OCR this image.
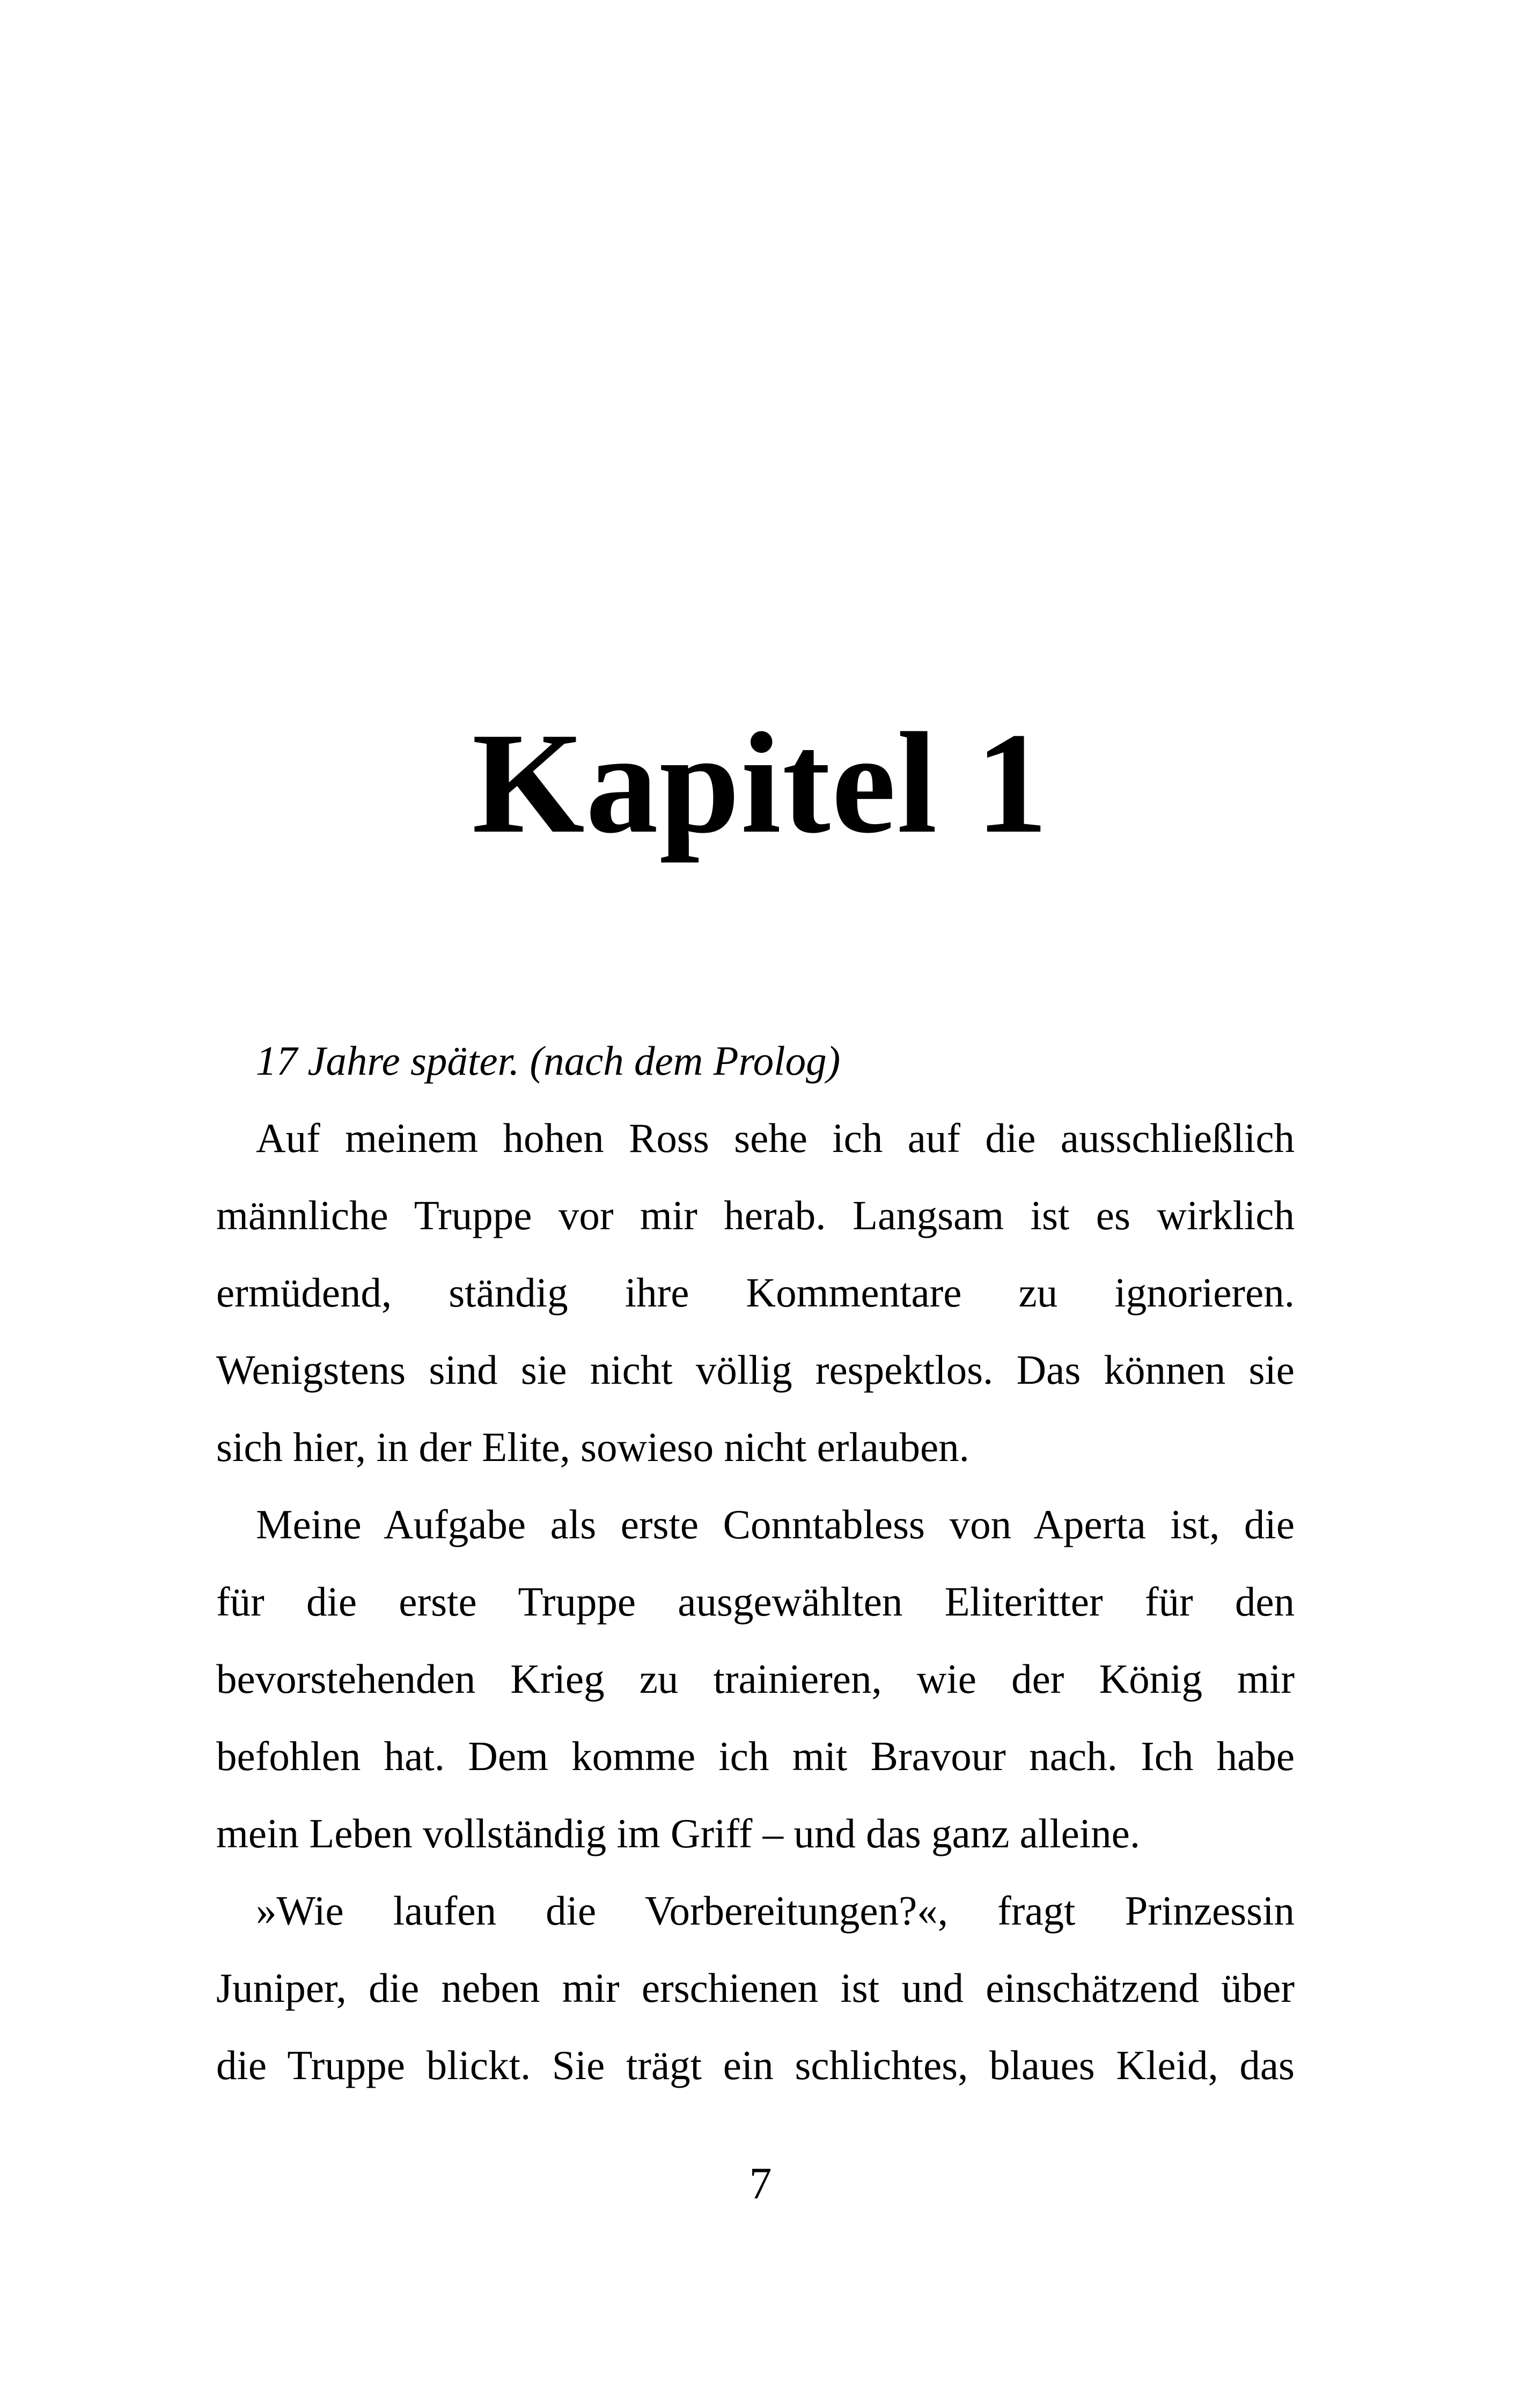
Kapitel 1
17 Jahre später. (nach dem Prolog)
Auf meinem hohen Ross sehe ich auf die ausschließlich
männliche Truppe vor mir herab. Langsam ist es wirklich
ermüdend, ständig ihre Kommentare zu ignorieren.
Wenigstens sind sie nicht völlig respektlos. Das können sie
sich hier, in der Elite, sowieso nicht erlauben.
Meine Aufgabe als erste Conntabless von Aperta ist, die
für die erste Truppe ausgewählten Eliteritter für den
bevorstehenden Krieg zu trainieren, wie der König mir
befohlen hat. Dem komme ich mit Bravour nach. Ich habe
mein Leben vollständig im Griff – und das ganz alleine.
»Wie laufen die Vorbereitungen?«, fragt Prinzessin
Juniper, die neben mir erschienen ist und einschätzend über
die Truppe blickt. Sie trägt ein schlichtes, blaues Kleid, das
7
